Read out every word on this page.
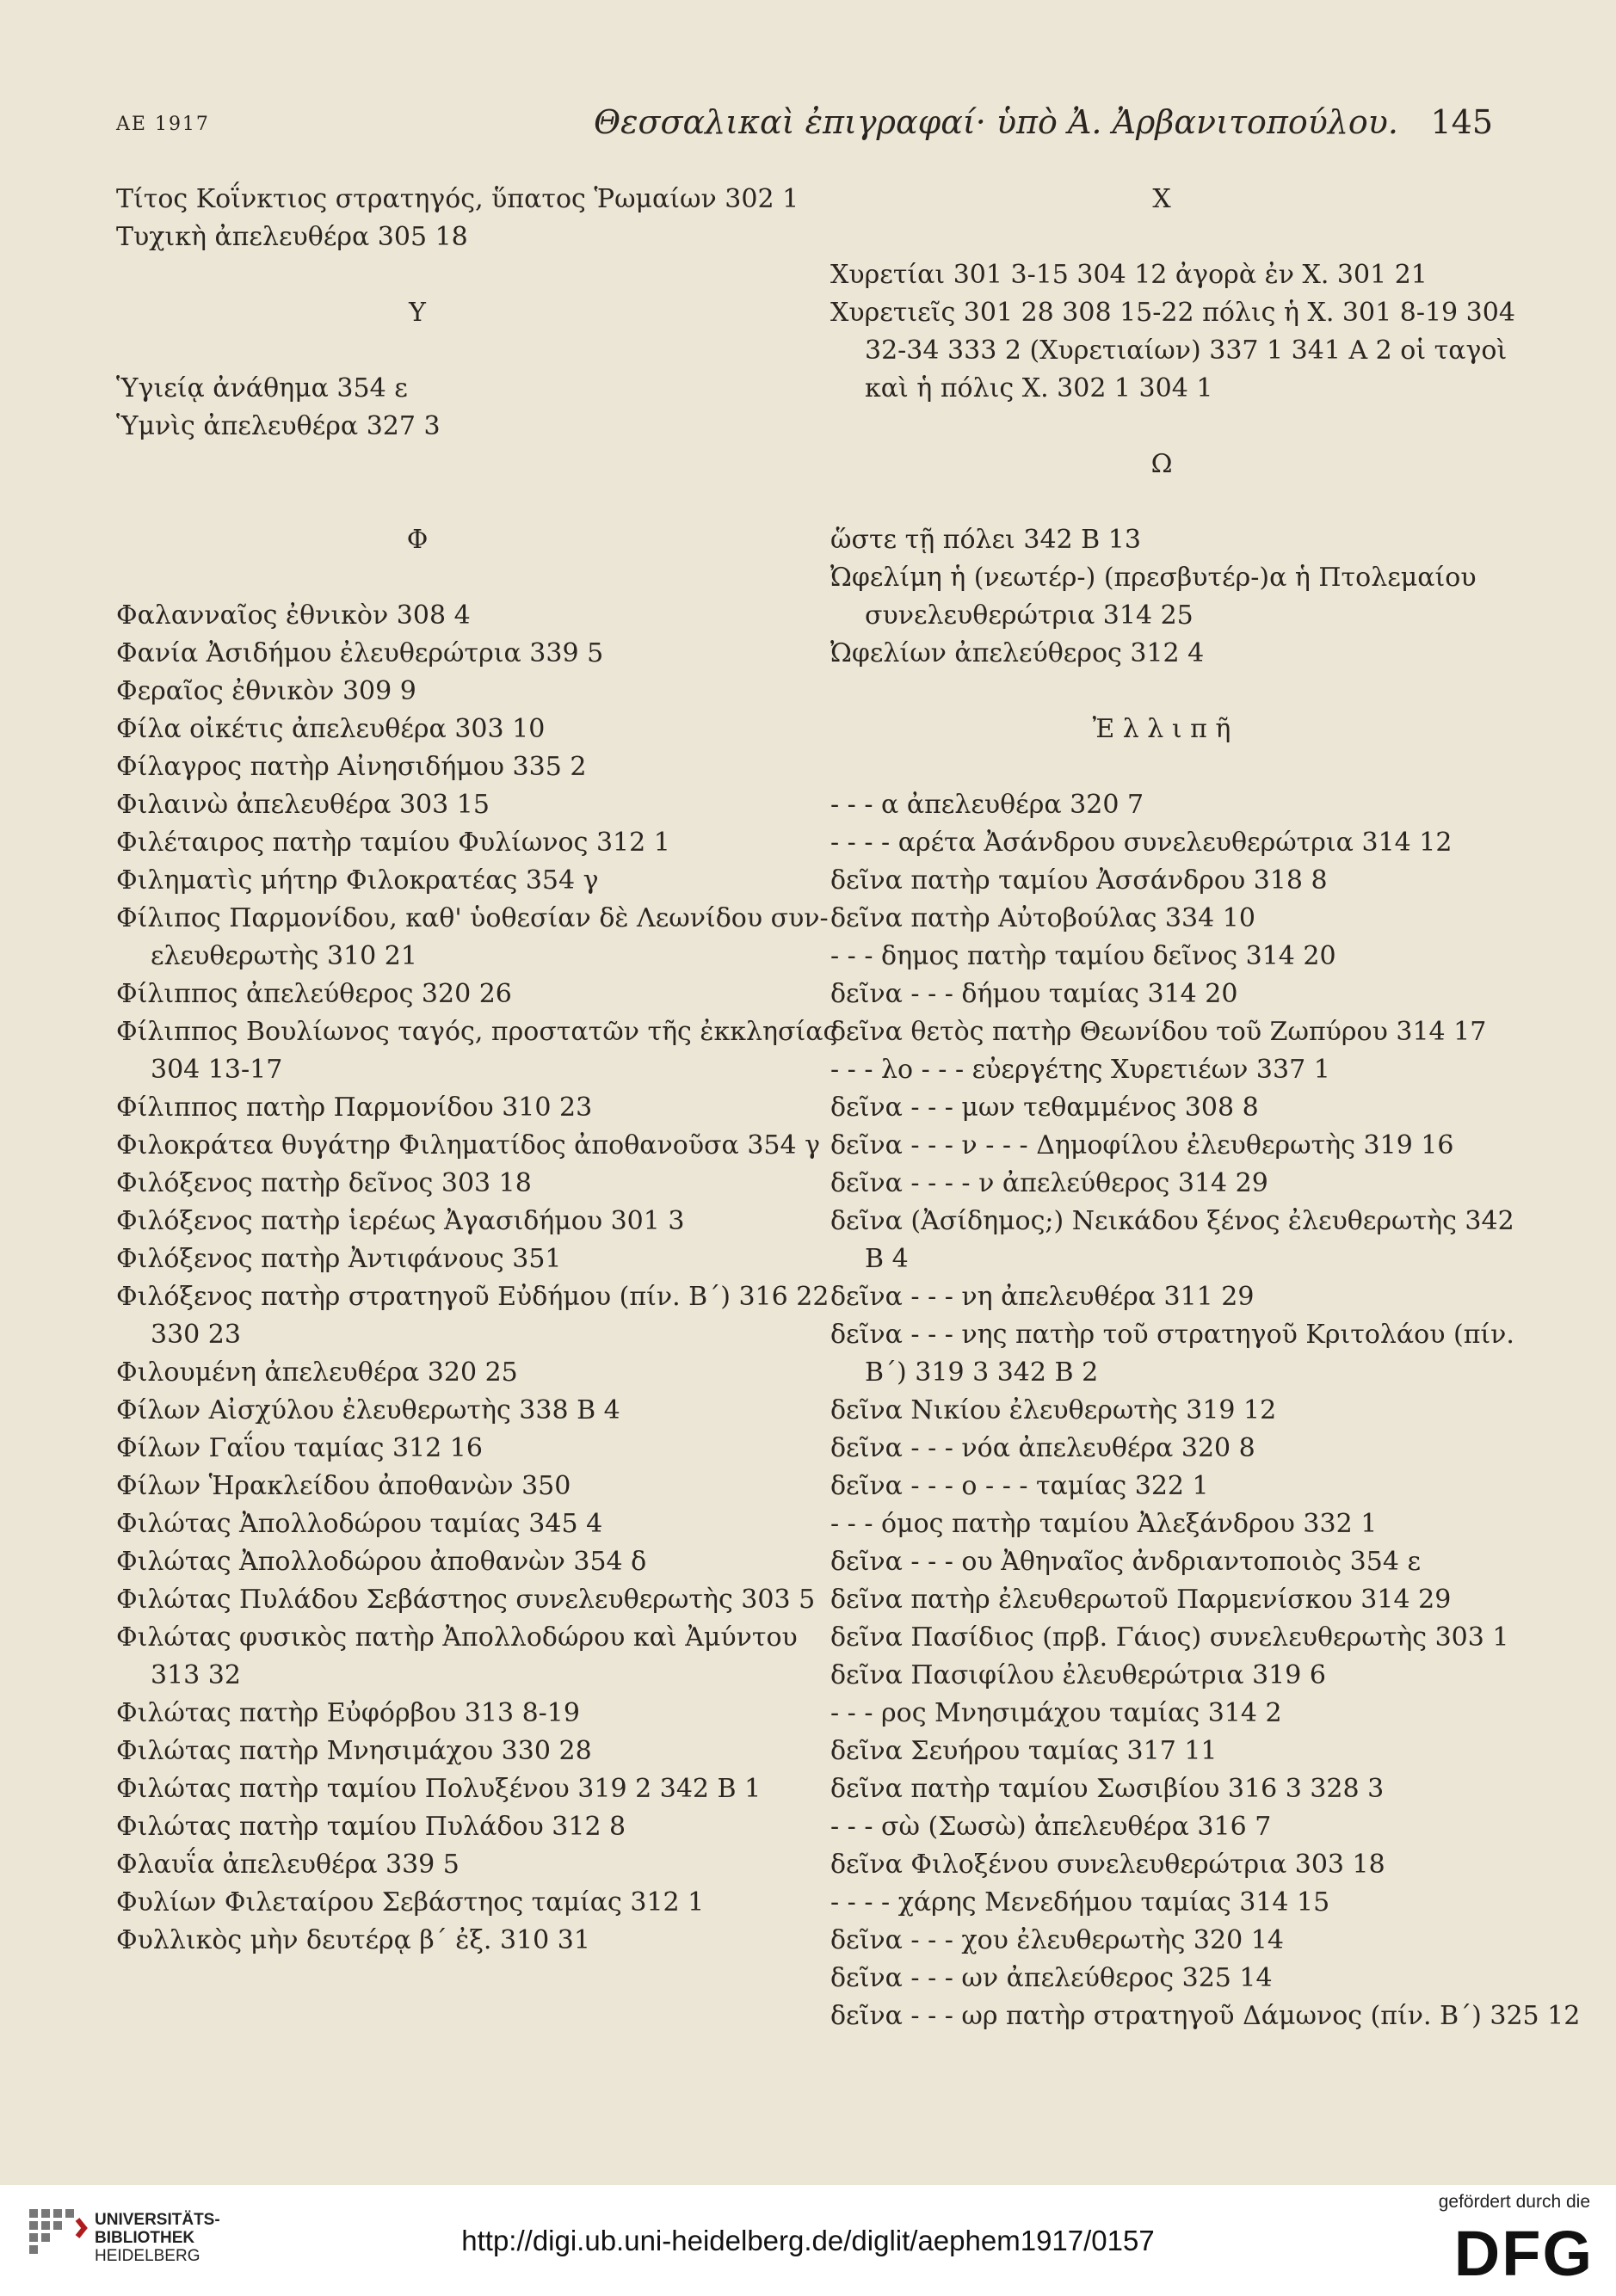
ΑΕ 1917	Θεσσαλικαὶ ἐπιγραφαί· ὑπὸ Ἀ. Ἀρβανιτοπούλου. 145
Τίτος Κοΐνκτιος στρατηγός, ὕπατος Ῥωμαίων 302 1
Τυχικὴ ἀπελευθέρα 305 18
Υ
Ὑγιείᾳ ἀνάθημα 354 ε
Ὑμνὶς ἀπελευθέρα 327 3
Φ
Φαλανναῖος ἐθνικὸν 308 4
Φανία Ἀσιδήμου ἐλευθερώτρια 339 5
Φεραῖος ἐθνικὸν 309 9
Φίλα οἰκέτις ἀπελευθέρα 303 10
Φίλαγρος πατὴρ Αἰνησιδήμου 335 2
Φιλαινὼ ἀπελευθέρα 303 15
Φιλέταιρος πατὴρ ταμίου Φυλίωνος 312 1
Φιληματὶς μήτηρ Φιλοκρατέας 354 γ
Φίλιπος Παρμονίδου, καθ' ὑοθεσίαν δὲ Λεωνίδου συν-
ελευθερωτὴς 310 21
Φίλιππος ἀπελεύθερος 320 26
Φίλιππος Βουλίωνος ταγός, προστατῶν τῆς ἐκκλησίας
304 13-17
Φίλιππος πατὴρ Παρμονίδου 310 23
Φιλοκράτεα θυγάτηρ Φιληματίδος ἀποθανοῦσα 354 γ
Φιλόξενος πατὴρ δεῖνος 303 18
Φιλόξενος πατὴρ ἱερέως Ἀγασιδήμου 301 3
Φιλόξενος πατὴρ Ἀντιφάνους 351
Φιλόξενος πατὴρ στρατηγοῦ Εὐδήμου (πίν. Β΄) 316 22
330 23
Φιλουμένη ἀπελευθέρα 320 25
Φίλων Αἰσχύλου ἐλευθερωτὴς 338 Β 4
Φίλων Γαΐου ταμίας 312 16
Φίλων Ἡρακλείδου ἀποθανὼν 350
Φιλώτας Ἀπολλοδώρου ταμίας 345 4
Φιλώτας Ἀπολλοδώρου ἀποθανὼν 354 δ
Φιλώτας Πυλάδου Σεβάστηος συνελευθερωτὴς 303 5
Φιλώτας φυσικὸς πατὴρ Ἀπολλοδώρου καὶ Ἀμύντου
313 32
Φιλώτας πατὴρ Εὐφόρβου 313 8-19
Φιλώτας πατὴρ Μνησιμάχου 330 28
Φιλώτας πατὴρ ταμίου Πολυξένου 319 2 342 Β 1
Φιλώτας πατὴρ ταμίου Πυλάδου 312 8
Φλαυΐα ἀπελευθέρα 339 5
Φυλίων Φιλεταίρου Σεβάστηος ταμίας 312 1
Φυλλικὸς μὴν δευτέρᾳ β΄ ἐξ. 310 31
Χ
Χυρετίαι 301 3-15 304 12 ἀγορὰ ἐν Χ. 301 21
Χυρετιεῖς 301 28 308 15-22 πόλις ἡ Χ. 301 8-19 304
32-34 333 2 (Χυρετιαίων) 337 1 341 Α 2 οἱ ταγοὶ
καὶ ἡ πόλις Χ. 302 1 304 1
Ω
ὥστε τῇ πόλει 342 Β 13
Ὠφελίμη ἡ (νεωτέρ-) (πρεσβυτέρ-)α ἡ Πτολεμαίου
συνελευθερώτρια 314 25
Ὠφελίων ἀπελεύθερος 312 4
Ἐ λ λ ι π ῆ
- - - α ἀπελευθέρα 320 7
- - - - αρέτα Ἀσάνδρου συνελευθερώτρια 314 12
δεῖνα πατὴρ ταμίου Ἀσσάνδρου 318 8
δεῖνα πατὴρ Αὐτοβούλας 334 10
- - - δημος πατὴρ ταμίου δεῖνος 314 20
δεῖνα - - - δήμου ταμίας 314 20
δεῖνα θετὸς πατὴρ Θεωνίδου τοῦ Ζωπύρου 314 17
- - - λο - - - εὐεργέτης Χυρετιέων 337 1
δεῖνα - - - μων τεθαμμένος 308 8
δεῖνα - - - ν - - - Δημοφίλου ἐλευθερωτὴς 319 16
δεῖνα - - - - ν ἀπελεύθερος 314 29
δεῖνα (Ἀσίδημος;) Νεικάδου ξένος ἐλευθερωτὴς 342
Β 4
δεῖνα - - - νη ἀπελευθέρα 311 29
δεῖνα - - - νης πατὴρ τοῦ στρατηγοῦ Κριτολάου (πίν.
Β΄) 319 3 342 Β 2
δεῖνα Νικίου ἐλευθερωτὴς 319 12
δεῖνα - - - νόα ἀπελευθέρα 320 8
δεῖνα - - - ο - - - ταμίας 322 1
- - - όμος πατὴρ ταμίου Ἀλεξάνδρου 332 1
δεῖνα - - - ου Ἀθηναῖος ἀνδριαντοποιὸς 354 ε
δεῖνα πατὴρ ἐλευθερωτοῦ Παρμενίσκου 314 29
δεῖνα Πασίδιος (πρβ. Γάιος) συνελευθερωτὴς 303 1
δεῖνα Πασιφίλου ἐλευθερώτρια 319 6
- - - ρος Μνησιμάχου ταμίας 314 2
δεῖνα Σευήρου ταμίας 317 11
δεῖνα πατὴρ ταμίου Σωσιβίου 316 3 328 3
- - - σὼ (Σωσὼ) ἀπελευθέρα 316 7
δεῖνα Φιλοξένου συνελευθερώτρια 303 18
- - - - χάρης Μενεδήμου ταμίας 314 15
δεῖνα - - - χου ἐλευθερωτὴς 320 14
δεῖνα - - - ων ἀπελεύθερος 325 14
δεῖνα - - - ωρ πατὴρ στρατηγοῦ Δάμωνος (πίν. Β΄) 325 12
UNIVERSITÄTS-
BIBLIOTHEK
HEIDELBERG	http://digi.ub.uni-heidelberg.de/diglit/aephem1917/0157
gefördert durch die
DFG
